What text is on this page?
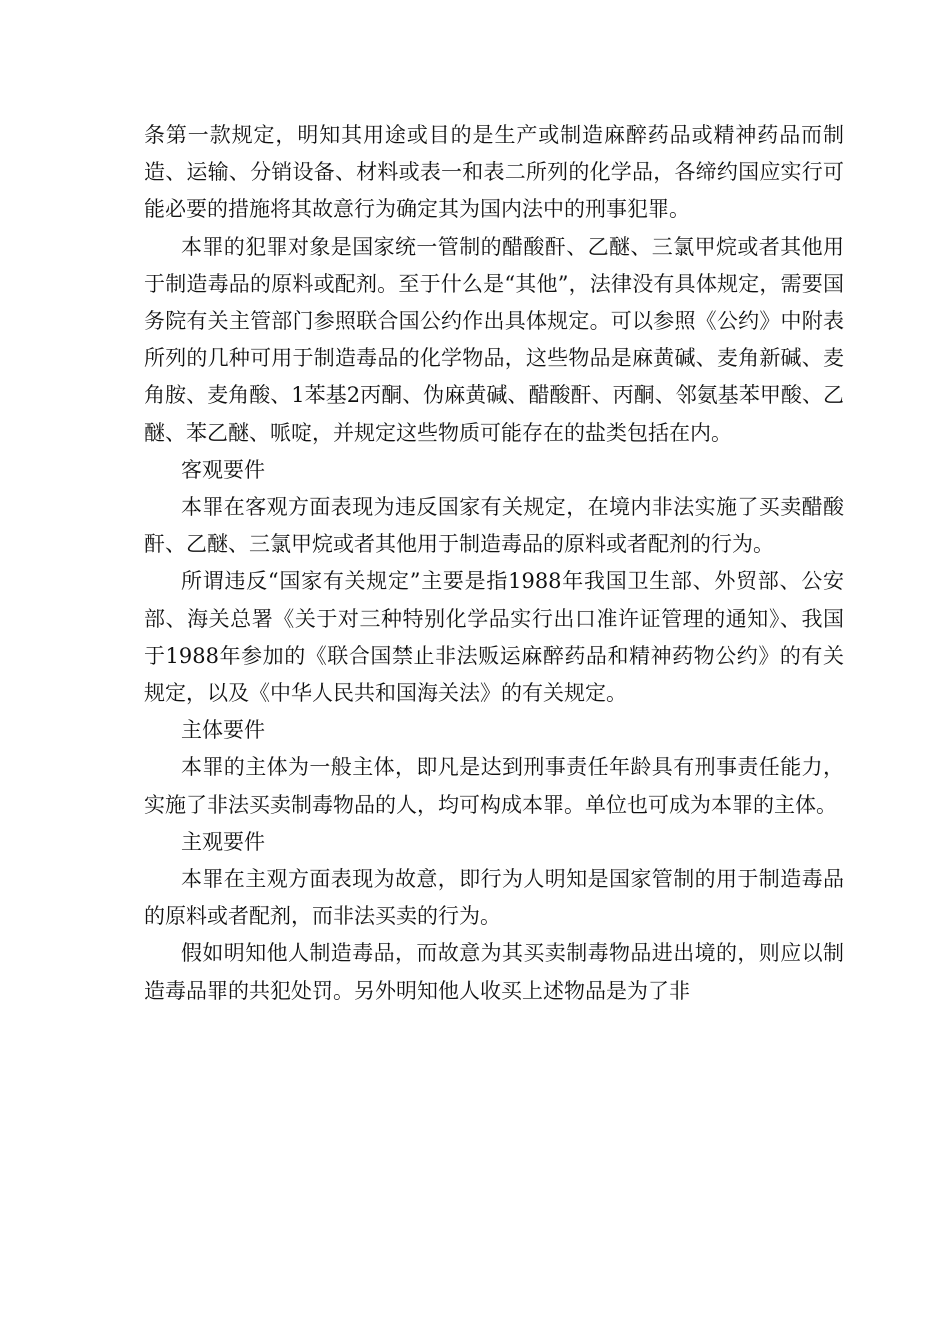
条第一款规定，明知其用途或目的是生产或制造麻醉药品或精神药品而制造、运输、分销设备、材料或表一和表二所列的化学品，各缔约国应实行可能必要的措施将其故意行为确定其为国内法中的刑事犯罪。

本罪的犯罪对象是国家统一管制的醋酸酐、乙醚、三氯甲烷或者其他用于制造毒品的原料或配剂。至于什么是“其他”，法律没有具体规定，需要国务院有关主管部门参照联合国公约作出具体规定。可以参照《公约》中附表所列的几种可用于制造毒品的化学物品，这些物品是麻黄碱、麦角新碱、麦角胺、麦角酸、1苯基2丙酮、伪麻黄碱、醋酸酐、丙酮、邻氨基苯甲酸、乙醚、苯乙醚、哌啶，并规定这些物质可能存在的盐类包括在内。

客观要件

本罪在客观方面表现为违反国家有关规定，在境内非法实施了买卖醋酸酐、乙醚、三氯甲烷或者其他用于制造毒品的原料或者配剂的行为。

所谓违反“国家有关规定”主要是指1988年我国卫生部、外贸部、公安部、海关总署《关于对三种特别化学品实行出口准许证管理的通知》、我国于1988年参加的《联合国禁止非法贩运麻醉药品和精神药物公约》的有关规定，以及《中华人民共和国海关法》的有关规定。

主体要件

本罪的主体为一般主体，即凡是达到刑事责任年龄具有刑事责任能力，实施了非法买卖制毒物品的人，均可构成本罪。单位也可成为本罪的主体。

主观要件

本罪在主观方面表现为故意，即行为人明知是国家管制的用于制造毒品的原料或者配剂，而非法买卖的行为。

假如明知他人制造毒品，而故意为其买卖制毒物品进出境的，则应以制造毒品罪的共犯处罚。另外明知他人收买上述物品是为了非
